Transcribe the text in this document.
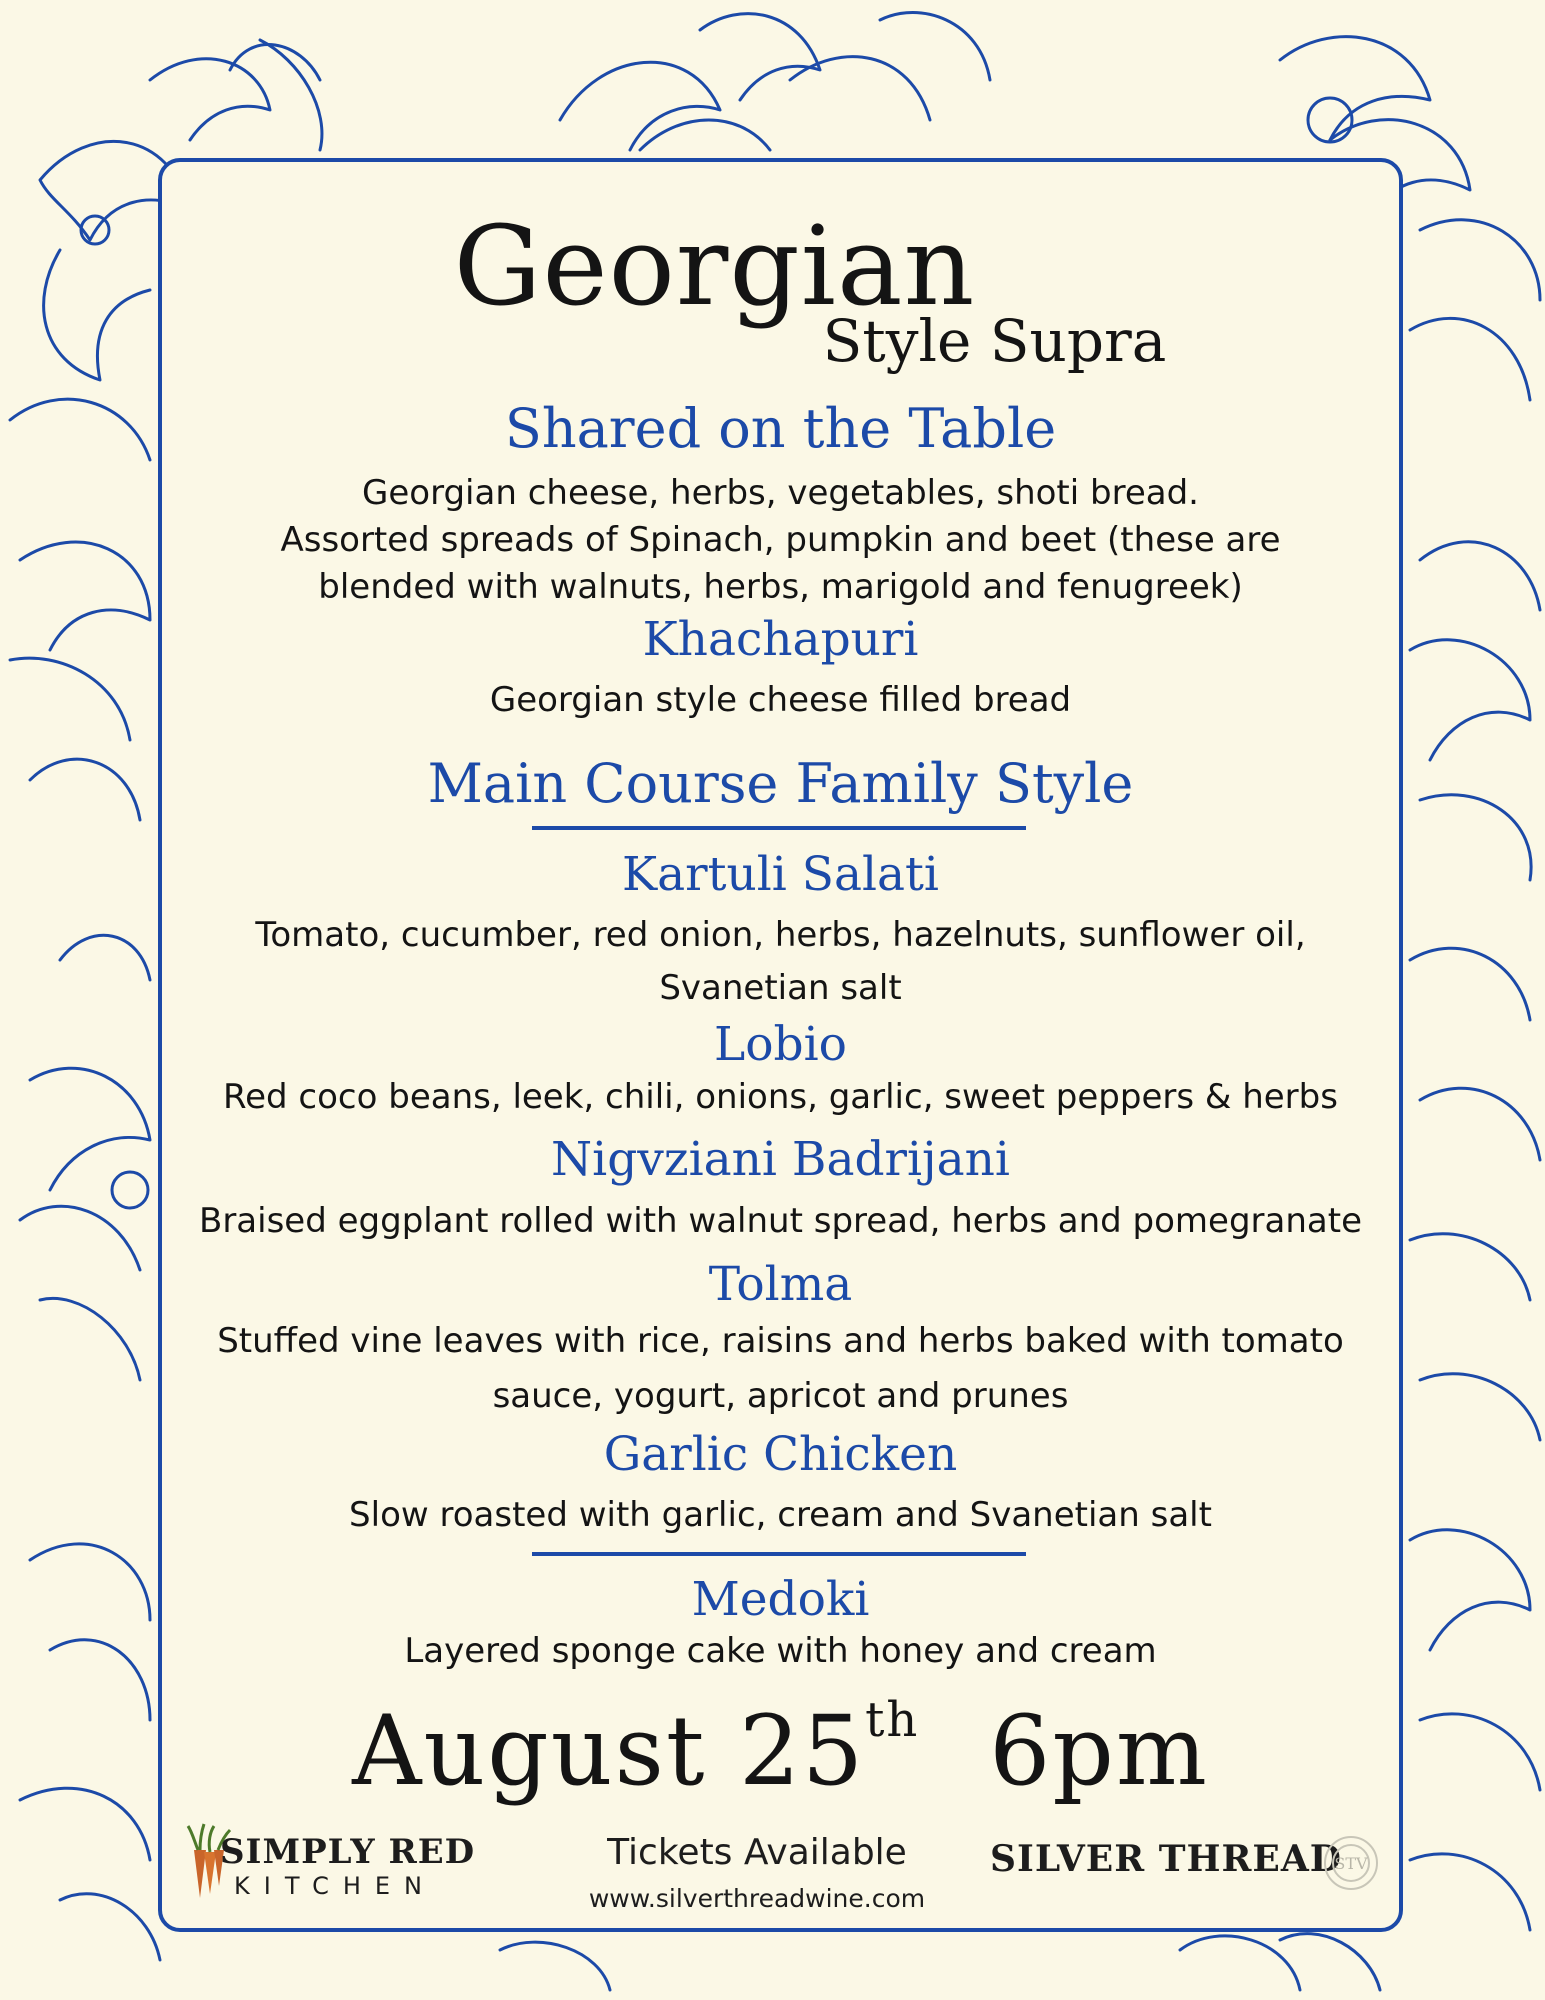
Georgian
Style Supra
Shared on the Table
Georgian cheese, herbs, vegetables, shoti bread.
Assorted spreads of Spinach, pumpkin and beet (these are
blended with walnuts, herbs, marigold and fenugreek)
Khachapuri
Georgian style cheese filled bread
Main Course Family Style
Kartuli Salati
Tomato, cucumber, red onion, herbs, hazelnuts, sunflower oil,
Svanetian salt
Lobio
Red coco beans, leek, chili, onions, garlic, sweet peppers & herbs
Nigvziani Badrijani
Braised eggplant rolled with walnut spread, herbs and pomegranate
Tolma
Stuffed vine leaves with rice, raisins and herbs baked with tomato
sauce, yogurt, apricot and prunes
Garlic Chicken
Slow roasted with garlic, cream and Svanetian salt
Medoki
Layered sponge cake with honey and cream
August 25th 6pm
SIMPLY RED
KITCHEN
Tickets Available
www.silverthreadwine.com
SILVER THREAD
STV
